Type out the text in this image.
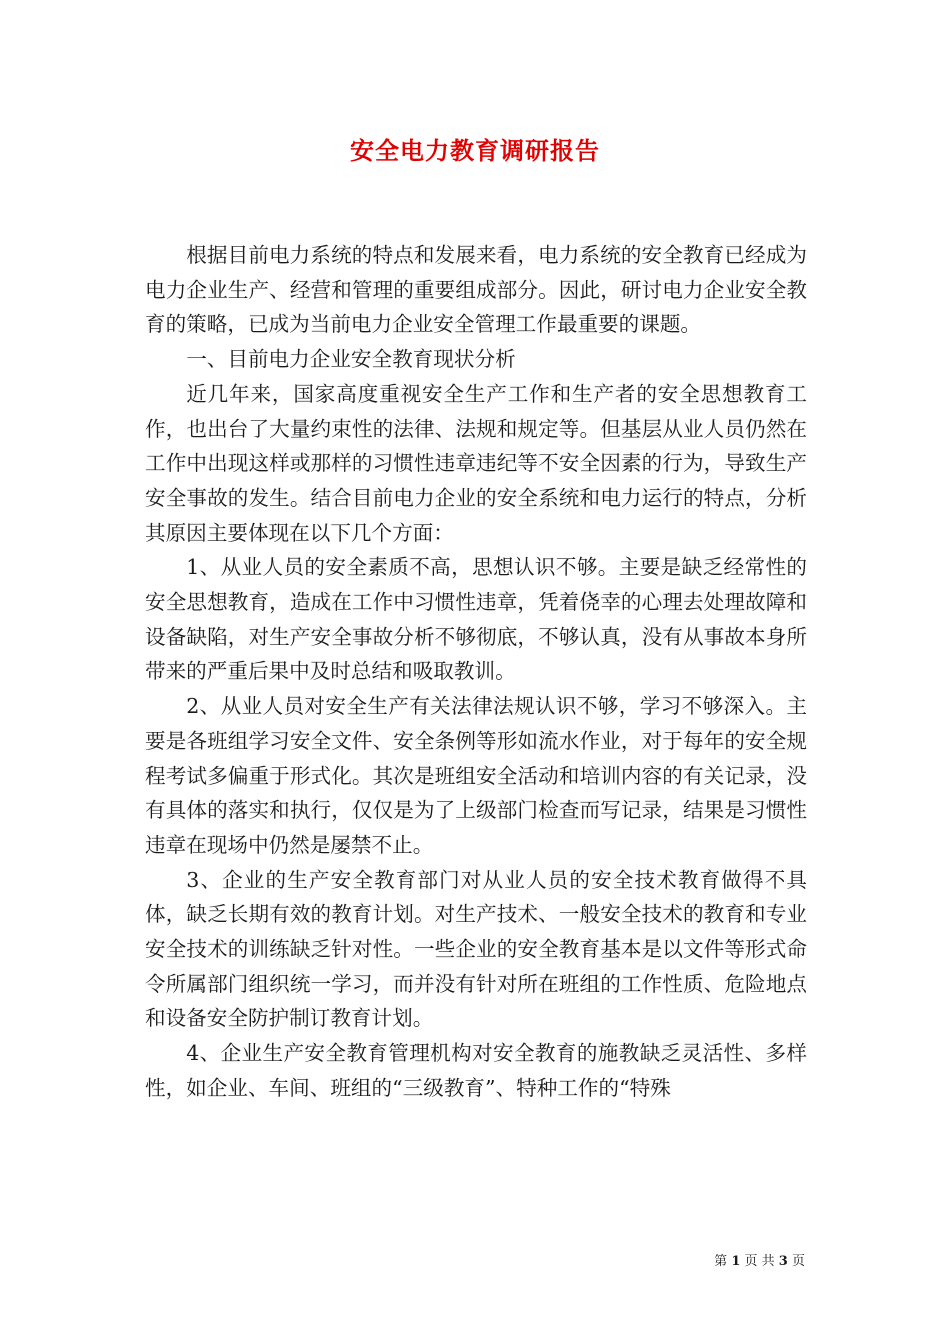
安全电力教育调研报告

根据目前电力系统的特点和发展来看，电力系统的安全教育已经成为电力企业生产、经营和管理的重要组成部分。因此，研讨电力企业安全教育的策略，已成为当前电力企业安全管理工作最重要的课题。

一、目前电力企业安全教育现状分析

近几年来，国家高度重视安全生产工作和生产者的安全思想教育工作，也出台了大量约束性的法律、法规和规定等。但基层从业人员仍然在工作中出现这样或那样的习惯性违章违纪等不安全因素的行为，导致生产安全事故的发生。结合目前电力企业的安全系统和电力运行的特点，分析其原因主要体现在以下几个方面：

1、从业人员的安全素质不高，思想认识不够。主要是缺乏经常性的安全思想教育，造成在工作中习惯性违章，凭着侥幸的心理去处理故障和设备缺陷，对生产安全事故分析不够彻底，不够认真，没有从事故本身所带来的严重后果中及时总结和吸取教训。

2、从业人员对安全生产有关法律法规认识不够，学习不够深入。主要是各班组学习安全文件、安全条例等形如流水作业，对于每年的安全规程考试多偏重于形式化。其次是班组安全活动和培训内容的有关记录，没有具体的落实和执行，仅仅是为了上级部门检查而写记录，结果是习惯性违章在现场中仍然是屡禁不止。

3、企业的生产安全教育部门对从业人员的安全技术教育做得不具体，缺乏长期有效的教育计划。对生产技术、一般安全技术的教育和专业安全技术的训练缺乏针对性。一些企业的安全教育基本是以文件等形式命令所属部门组织统一学习，而并没有针对所在班组的工作性质、危险地点和设备安全防护制订教育计划。

4、企业生产安全教育管理机构对安全教育的施教缺乏灵活性、多样性，如企业、车间、班组的“三级教育”、特种工作的“特殊

第 1 页 共 3 页
